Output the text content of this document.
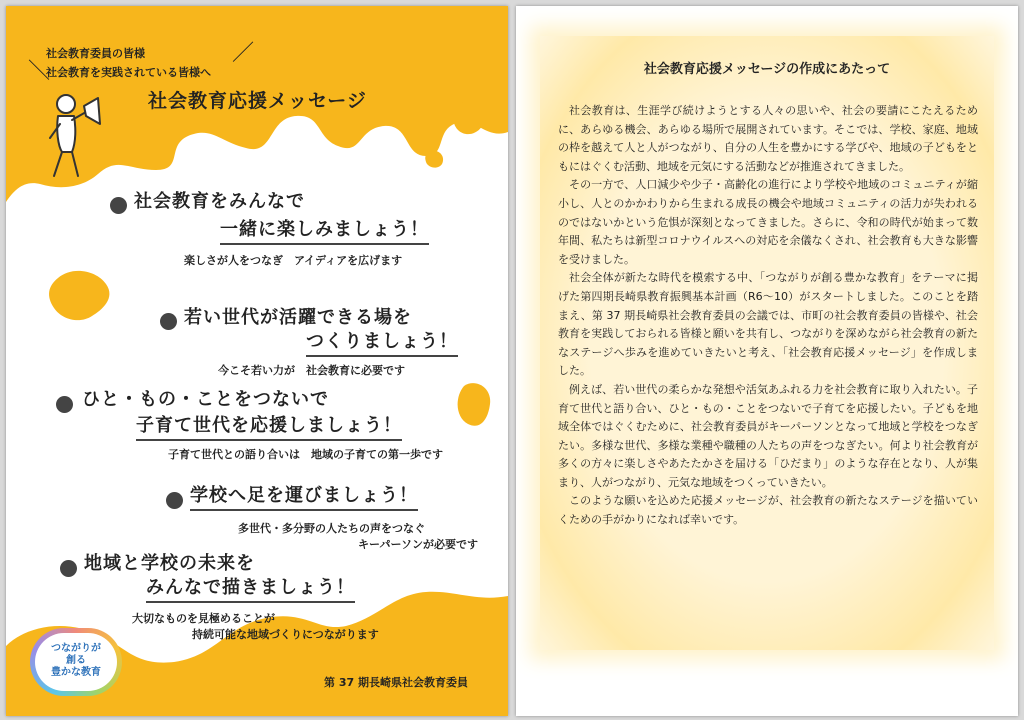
社会教育委員の皆様
社会教育を実践されている皆様へ
＼
／
社会教育応援メッセージ
社会教育をみんなで
一緒に楽しみましょう！
楽しさが人をつなぎ　アイディアを広げます
若い世代が活躍できる場を
つくりましょう！
今こそ若い力が　社会教育に必要です
ひと・もの・ことをつないで
子育て世代を応援しましょう！
子育て世代との語り合いは　地域の子育ての第一歩です
学校へ足を運びましょう！
多世代・多分野の人たちの声をつなぐ
キーパーソンが必要です
地域と学校の未来を
みんなで描きましょう！
大切なものを見極めることが
持続可能な地域づくりにつながります
つながりが
創る
豊かな教育
第 37 期長崎県社会教育委員
社会教育応援メッセージの作成にあたって

社会教育は、生涯学び続けようとする人々の思いや、社会の要請にこたえるために、あらゆる機会、あらゆる場所で展開されています。そこでは、学校、家庭、地域の枠を越えて人と人がつながり、自分の人生を豊かにする学びや、地域の子どもをともにはぐくむ活動、地域を元気にする活動などが推進されてきました。

その一方で、人口減少や少子・高齢化の進行により学校や地域のコミュニティが縮小し、人とのかかわりから生まれる成長の機会や地域コミュニティの活力が失われるのではないかという危惧が深刻となってきました。さらに、令和の時代が始まって数年間、私たちは新型コロナウイルスへの対応を余儀なくされ、社会教育も大きな影響を受けました。

社会全体が新たな時代を模索する中、「つながりが創る豊かな教育」をテーマに掲げた第四期長崎県教育振興基本計画（R6〜10）がスタートしました。このことを踏まえ、第 37 期長崎県社会教育委員の会議では、市町の社会教育委員の皆様や、社会教育を実践しておられる皆様と願いを共有し、つながりを深めながら社会教育の新たなステージへ歩みを進めていきたいと考え、「社会教育応援メッセージ」を作成しました。

例えば、若い世代の柔らかな発想や活気あふれる力を社会教育に取り入れたい。子育て世代と語り合い、ひと・もの・ことをつないで子育てを応援したい。子どもを地域全体ではぐくむために、社会教育委員がキーパーソンとなって地域と学校をつなぎたい。多様な世代、多様な業種や職種の人たちの声をつなぎたい。何より社会教育が多くの方々に楽しさやあたたかさを届ける「ひだまり」のような存在となり、人が集まり、人がつながり、元気な地域をつくっていきたい。

このような願いを込めた応援メッセージが、社会教育の新たなステージを描いていくための手がかりになれば幸いです。
